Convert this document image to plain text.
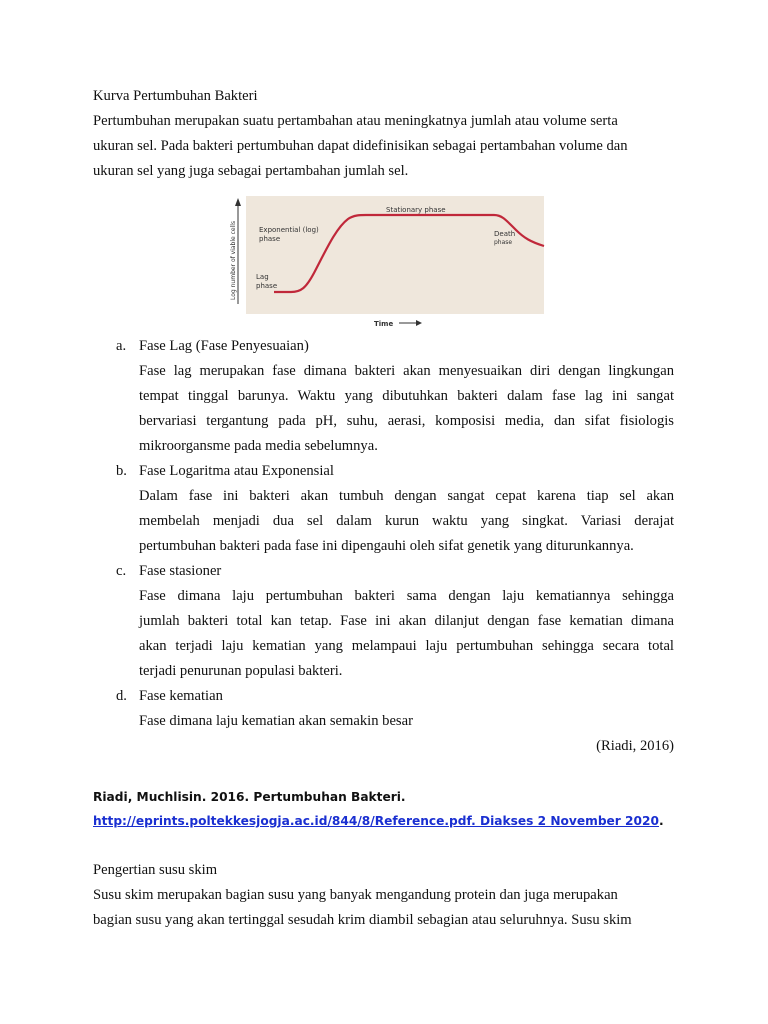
Kurva Pertumbuhan Bakteri
Pertumbuhan merupakan suatu pertambahan atau meningkatnya jumlah atau volume serta
ukuran sel. Pada bakteri pertumbuhan dapat didefinisikan sebagai pertambahan volume dan
ukuran sel yang juga sebagai pertambahan jumlah sel.
Log number of viable cells
Stationary phase
Exponential (log)
phase
Lag
phase
Death
phase
Time
a. Fase Lag (Fase Penyesuaian)
Fase lag merupakan fase dimana bakteri akan menyesuaikan diri dengan lingkungan
tempat tinggal barunya. Waktu yang dibutuhkan bakteri dalam fase lag ini sangat
bervariasi tergantung pada pH, suhu, aerasi, komposisi media, dan sifat fisiologis
mikroorgansme pada media sebelumnya.
b. Fase Logaritma atau Exponensial
Dalam fase ini bakteri akan tumbuh dengan sangat cepat karena tiap sel akan
membelah menjadi dua sel dalam kurun waktu yang singkat. Variasi derajat
pertumbuhan bakteri pada fase ini dipengauhi oleh sifat genetik yang diturunkannya.
c. Fase stasioner
Fase dimana laju pertumbuhan bakteri sama dengan laju kematiannya sehingga
jumlah bakteri total kan tetap. Fase ini akan dilanjut dengan fase kematian dimana
akan terjadi laju kematian yang melampaui laju pertumbuhan sehingga secara total
terjadi penurunan populasi bakteri.
d. Fase kematian
Fase dimana laju kematian akan semakin besar
(Riadi, 2016)
Riadi, Muchlisin. 2016. Pertumbuhan Bakteri.
http://eprints.poltekkesjogja.ac.id/844/8/Reference.pdf. Diakses 2 November 2020.
Pengertian susu skim
Susu skim merupakan bagian susu yang banyak mengandung protein dan juga merupakan
bagian susu yang akan tertinggal sesudah krim diambil sebagian atau seluruhnya. Susu skim
